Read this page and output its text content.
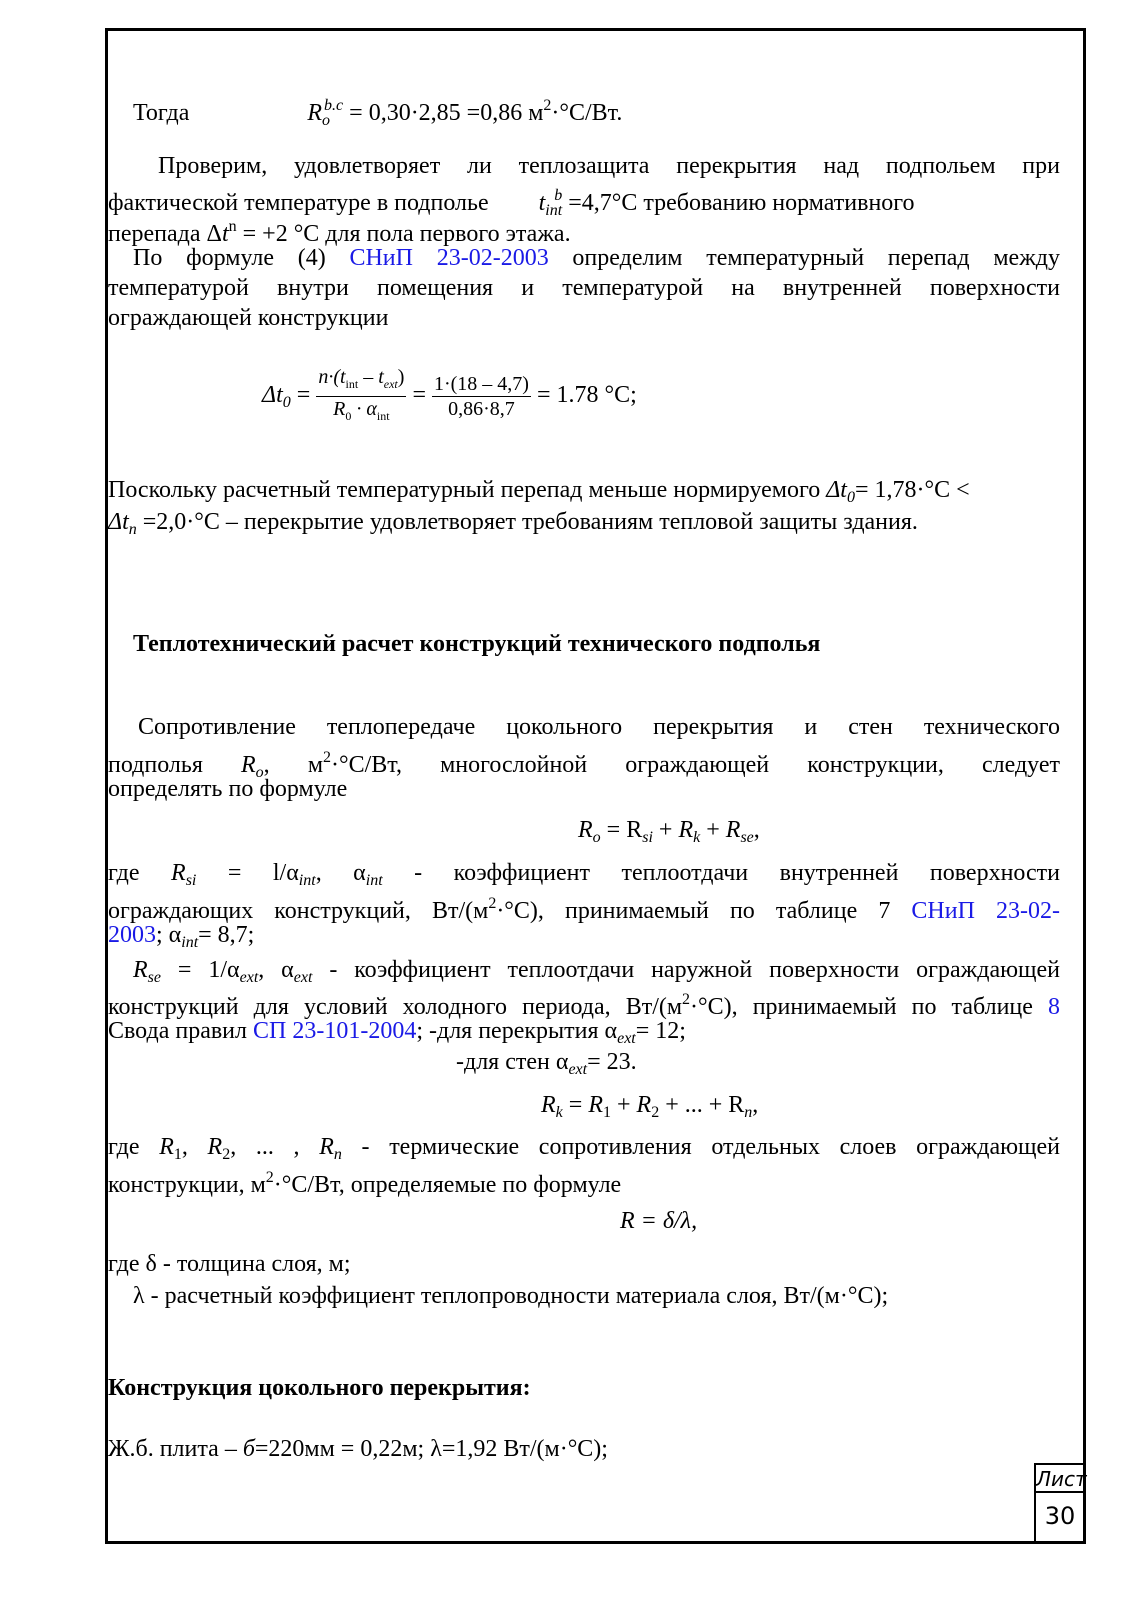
Тогда	$R_o^{b.c} = 0,30\cdot 2,85 =0,86$ $м^2\cdot^\circ С/Вт$.
Проверим, удовлетворяет ли теплозащита перекрытия над подпольем при
фактической температуре в подполье $t_{int}^b =4,7^\circ С$ требованию нормативного
перепада $\Delta t^n = +2$ °С для пола первого этажа.
По формуле (4) СНиП 23-02-2003 определим температурный перепад между
температурой внутри помещения и температурой на внутренней поверхности
ограждающей конструкции
$\Delta t_0 = \frac{n\cdot(t_{int} - t_{ext})}{R_0 \cdot \alpha_{int}} = \frac{1\cdot(18 - 4,7)}{0,86\cdot 8,7} = 1.78$ °С;
Поскольку расчетный температурный перепад меньше нормируемого $\Delta t_0= 1,78\cdot^\circ С$ <
$\Delta t_n =2,0\cdot^\circ С$ – перекрытие удовлетворяет требованиям тепловой защиты здания.
Теплотехнический расчет конструкций технического подполья
Сопротивление теплопередаче цокольного перекрытия и стен технического
подполья $R_o$, $м^2\cdot^\circ С/Вт$, многослойной ограждающей конструкции, следует
определять по формуле
$R_o = R_{si} + R_k + R_{se}$,
где $R_{si} = l/\alpha_{int}$, $\alpha_{int}$ - коэффициент теплоотдачи внутренней поверхности
ограждающих конструкций, $Вт/(м^2\cdot^\circ С)$, принимаемый по таблице 7 СНиП 23-02-
2003; $\alpha_{int}= 8,7$;
$R_{se} = 1/\alpha_{ext}$, $\alpha_{ext}$ - коэффициент теплоотдачи наружной поверхности ограждающей
конструкций для условий холодного периода, $Вт/(м^2\cdot^\circ С)$, принимаемый по таблице 8
Свода правил СП 23-101-2004; -для перекрытия $\alpha_{ext}= 12$;
-для стен $\alpha_{ext}= 23$.
$R_k = R_1 + R_2$ + ... + $R_n$,
где $R_1$, $R_2$, ... , $R_n$ - термические сопротивления отдельных слоев ограждающей
конструкции, $м^2\cdot^\circ С/Вт$, определяемые по формуле
R = δ/λ,
где δ - толщина слоя, м;
λ - расчетный коэффициент теплопроводности материала слоя, Вт/(м·°С);
Конструкция цокольного перекрытия:
Ж.б. плита – б=220мм = 0,22м; λ=1,92 Вт/(м·°С);
Лист
30
